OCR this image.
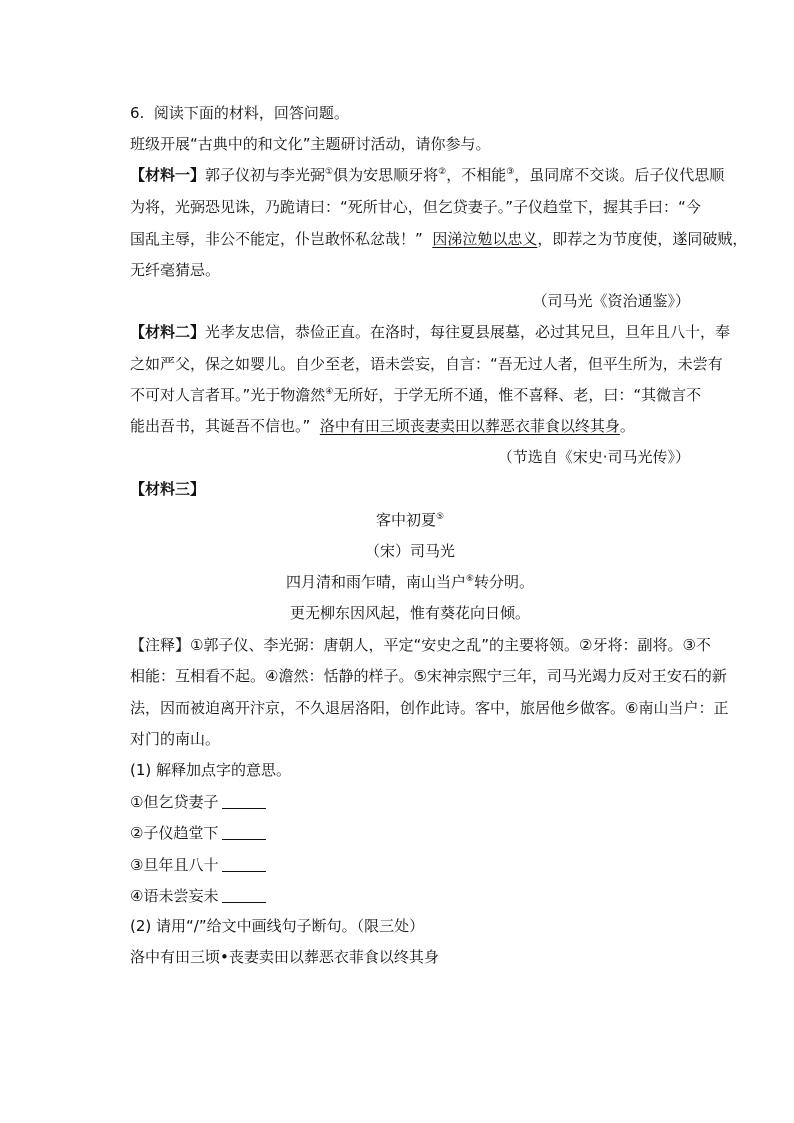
6. 阅读下面的材料，回答问题。
班级开展“古典中的和文化”主题研讨活动，请你参与。
【材料一】郭子仪初与李光弼①俱为安思顺牙将②，不相能③，虽同席不交谈。后子仪代思顺
为将，光弼恐见诛，乃跪请曰：“死所甘心，但乞贷妻子。”子仪趋堂下，握其手曰：“今
国乱主辱，非公不能定，仆岂敢怀私忿哉！” 因涕泣勉以忠义，即荐之为节度使，遂同破贼，
无纤毫猜忌。
（司马光《资治通鉴》）
【材料二】光孝友忠信，恭俭正直。在洛时，每往夏县展墓，必过其兄旦，旦年且八十，奉
之如严父，保之如婴儿。自少至老，语未尝妄，自言：“吾无过人者，但平生所为，未尝有
不可对人言者耳。”光于物澹然④无所好，于学无所不通，惟不喜释、老，曰：“其微言不
能出吾书，其诞吾不信也。” 洛中有田三顷丧妻卖田以葬恶衣菲食以终其身。
（节选自《宋史·司马光传》）
【材料三】
客中初夏⑤
（宋）司马光
四月清和雨乍晴，南山当户⑥转分明。
更无柳东因风起，惟有葵花向日倾。
【注释】①郭子仪、李光弼：唐朝人，平定“安史之乱”的主要将领。②牙将：副将。③不
相能：互相看不起。④澹然：恬静的样子。⑤宋神宗熙宁三年，司马光竭力反对王安石的新
法，因而被迫离开汴京，不久退居洛阳，创作此诗。客中，旅居他乡做客。⑥南山当户：正
对门的南山。
(1) 解释加点字的意思。
①但乞贷妻子
②子仪趋堂下
③旦年且八十
④语未尝妄未
(2) 请用“/”给文中画线句子断句。（限三处）
洛中有田三顷•丧妻卖田以葬恶衣菲食以终其身
